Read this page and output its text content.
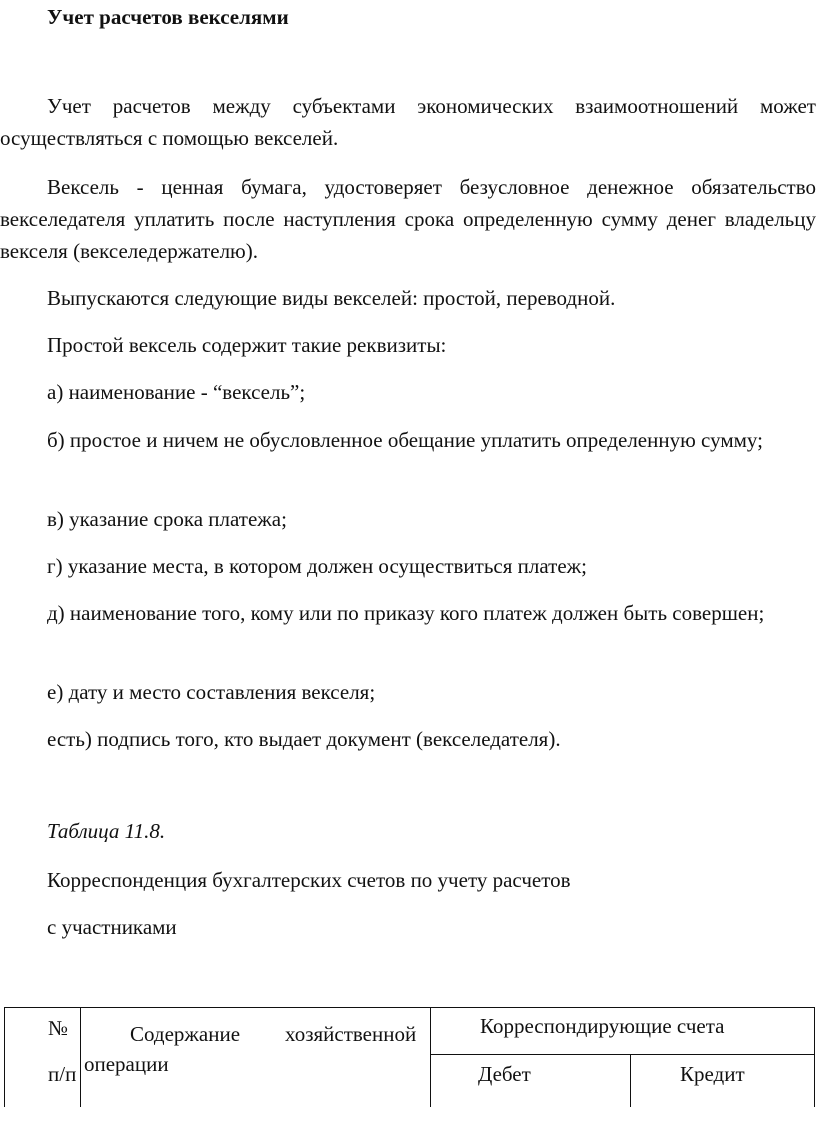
Учет расчетов векселями

Учет расчетов между субъектами экономических взаимоотношений может осуществляться с помощью векселей.

Вексель - ценная бумага, удостоверяет безусловное денежное обязательство векселедателя уплатить после наступления срока определенную сумму денег владельцу векселя (векселедержателю).

Выпускаются следующие виды векселей: простой, переводной.

Простой вексель содержит такие реквизиты:

а) наименование - “вексель”;

б) простое и ничем не обусловленное обещание уплатить определенную сумму;

в) указание срока платежа;

г) указание места, в котором должен осуществиться платеж;

д) наименование того, кому или по приказу кого платеж должен быть совершен;

е) дату и место составления векселя;

есть) подпись того, кто выдает документ (векселедателя).

Таблица 11.8.
Корреспонденция бухгалтерских счетов по учету расчетов
с участниками
№
п/п
Содержание хозяйственной
операции
Корреспондирующие счета
Дебет	Кредит
